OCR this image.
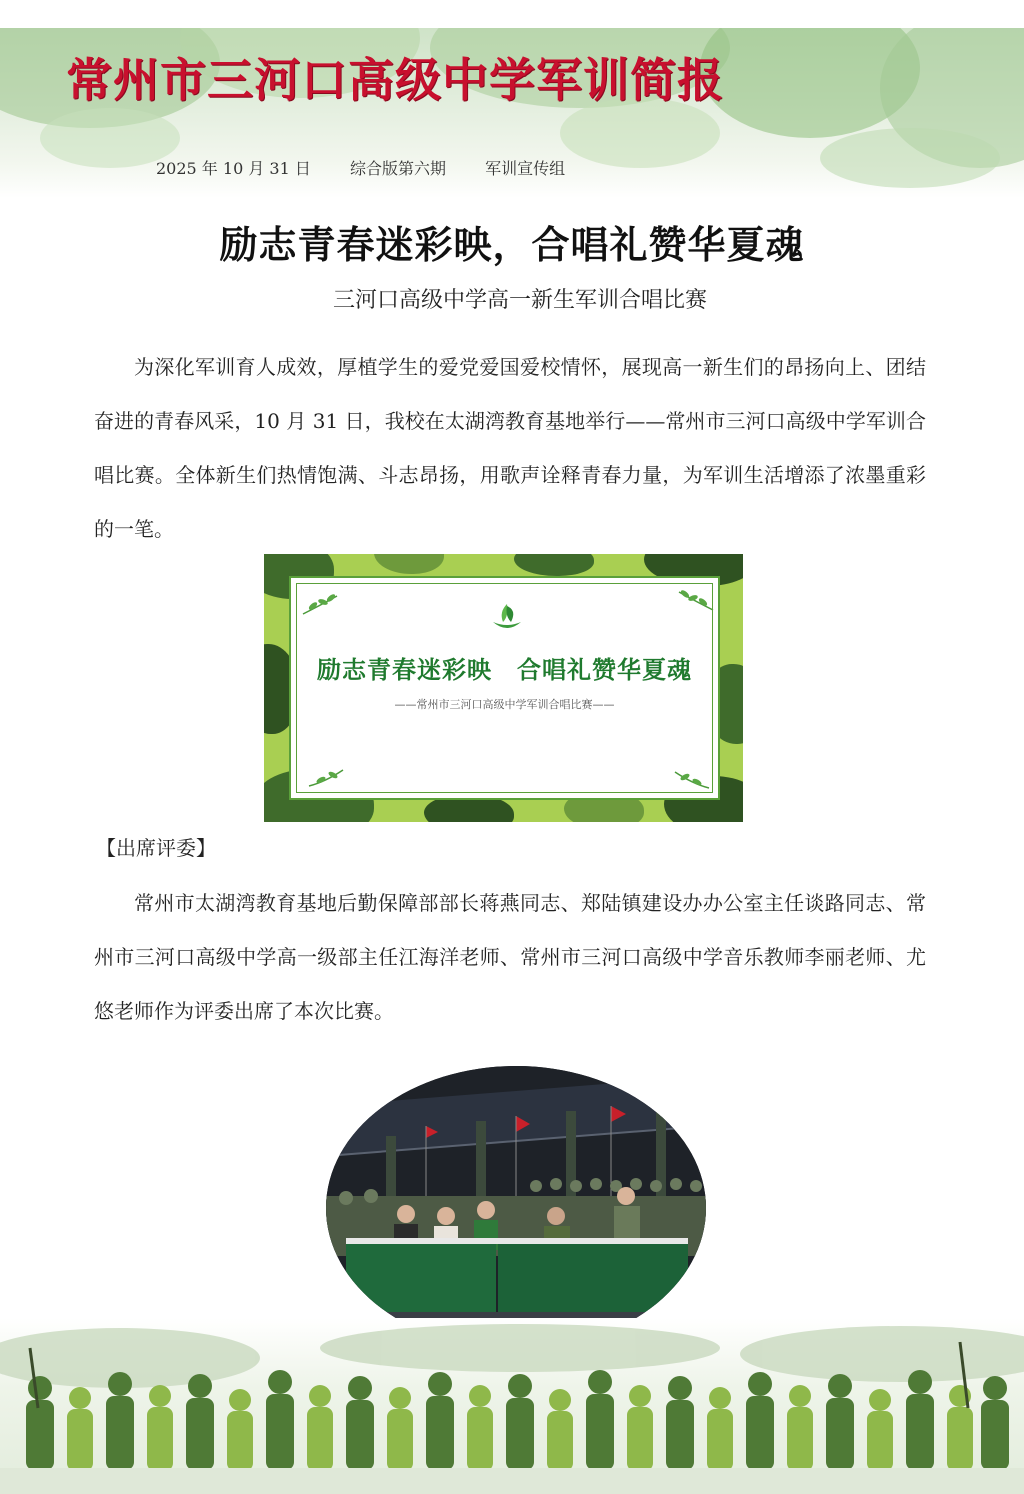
常州市三河口高级中学军训简报
2025 年 10 月 31 日 综合版第六期 军训宣传组
励志青春迷彩映，合唱礼赞华夏魂
三河口高级中学高一新生军训合唱比赛

为深化军训育人成效，厚植学生的爱党爱国爱校情怀，展现高一新生们的昂扬向上、团结奋进的青春风采，10 月 31 日，我校在太湖湾教育基地举行——常州市三河口高级中学军训合唱比赛。全体新生们热情饱满、斗志昂扬，用歌声诠释青春力量，为军训生活增添了浓墨重彩的一笔。

励志青春迷彩映　合唱礼赞华夏魂
——常州市三河口高级中学军训合唱比赛——
【出席评委】

常州市太湖湾教育基地后勤保障部部长蒋燕同志、郑陆镇建设办办公室主任谈路同志、常州市三河口高级中学高一级部主任江海洋老师、常州市三河口高级中学音乐教师李丽老师、尤悠老师作为评委出席了本次比赛。
